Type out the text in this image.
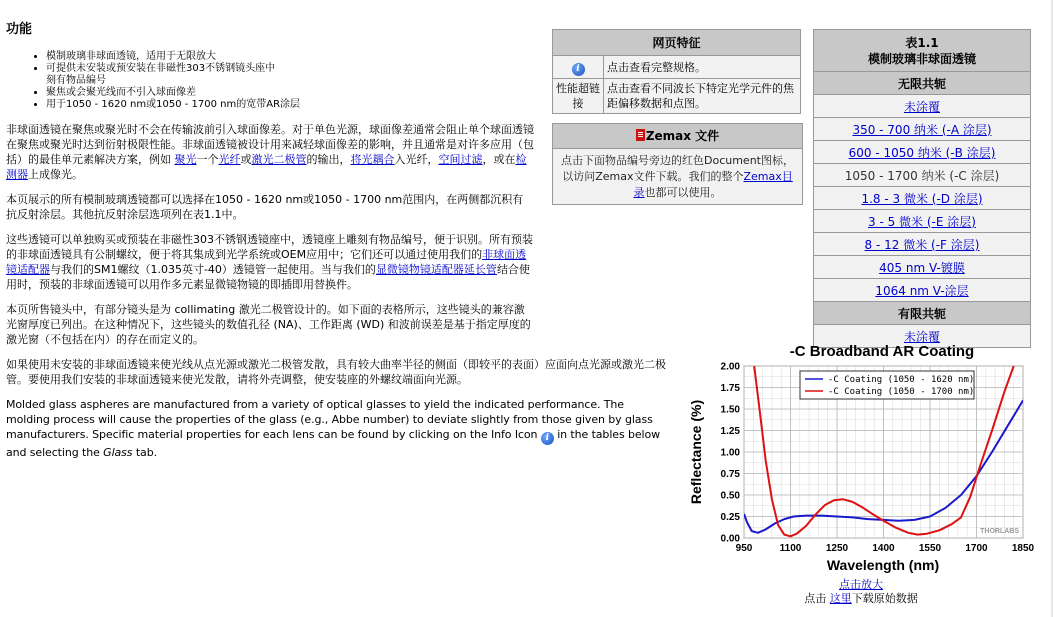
功能
• 模制玻璃非球面透镜，适用于无限放大
• 可提供未安装或预安装在非磁性303不锈钢镜头座中
刻有物品编号
• 聚焦或会聚光线而不引入球面像差
• 用于1050 - 1620 nm或1050 - 1700 nm的宽带AR涂层

非球面透镜在聚焦或聚光时不会在传输波前引入球面像差。对于单色光源，球面像差通常会阻止单个球面透镜在聚焦或聚光时达到衍射极限性能。非球面透镜被设计用来减轻球面像差的影响，并且通常是对许多应用（包括）的最佳单元素解决方案，例如 聚光一个光纤或激光二极管的输出，将光耦合入光纤，空间过滤，或在检测器上成像光。

本页展示的所有模制玻璃透镜都可以选择在1050 - 1620 nm或1050 - 1700 nm范围内，在两侧都沉积有抗反射涂层。其他抗反射涂层选项列在表1.1中。

这些透镜可以单独购买或预装在非磁性303不锈钢透镜座中，透镜座上雕刻有物品编号，便于识别。所有预装的非球面透镜具有公制螺纹，便于将其集成到光学系统或OEM应用中；它们还可以通过使用我们的非球面透镜适配器与我们的SM1螺纹（1.035英寸-40）透镜管一起使用。当与我们的显微镜物镜适配器延长管结合使用时，预装的非球面透镜可以用作多元素显微镜物镜的即插即用替换件。

本页所售镜头中，有部分镜头是为 collimating 激光二极管设计的。如下面的表格所示，这些镜头的兼容激光窗厚度已列出。在这种情况下，这些镜头的数值孔径 (NA)、工作距离 (WD) 和波前误差是基于指定厚度的激光窗（不包括在内）的存在而定义的。

如果使用未安装的非球面透镜来使光线从点光源或激光二极管发散，具有较大曲率半径的侧面（即较平的表面）应面向点光源或激光二极管。要使用我们安装的非球面透镜来使光发散，请将外壳调整，使安装座的外螺纹端面向光源。

Molded glass aspheres are manufactured from a variety of optical glasses to yield the indicated performance. The molding process will cause the properties of the glass (e.g., Abbe number) to deviate slightly from those given by glass manufacturers. Specific material properties for each lens can be found by clicking on the Info Icon i in the tables below and selecting the Glass tab.

网页特征	
i	点击查看完整规格。
性能超链接	点击查看不同波长下特定光学元件的焦距偏移数据和点图。
Zemax 文件
点击下面物品编号旁边的红色Document图标，以访问Zemax文件下载。我们的整个Zemax目录也都可以使用。
表1.1
模制玻璃非球面透镜
无限共轭
未涂覆
350 - 700 纳米 (-A 涂层)
600 - 1050 纳米 (-B 涂层)
1050 - 1700 纳米 (-C 涂层)
1.8 - 3 微米 (-D 涂层)
3 - 5 微米 (-E 涂层)
8 - 12 微米 (-F 涂层)
405 nm V-镀膜
1064 nm V-涂层
有限共轭
未涂覆
-C Broadband AR Coating
950	1100 1250 1400 1550 1700 1850
0.00
0.25
0.50
0.75
1.00
1.25
1.50
1.75
2.00
THORLABS
-C Coating (1050 - 1620 nm)
-C Coating (1050 - 1700 nm)
Wavelength (nm)
Reflectance (%)
点击放大
点击 这里下载原始数据
